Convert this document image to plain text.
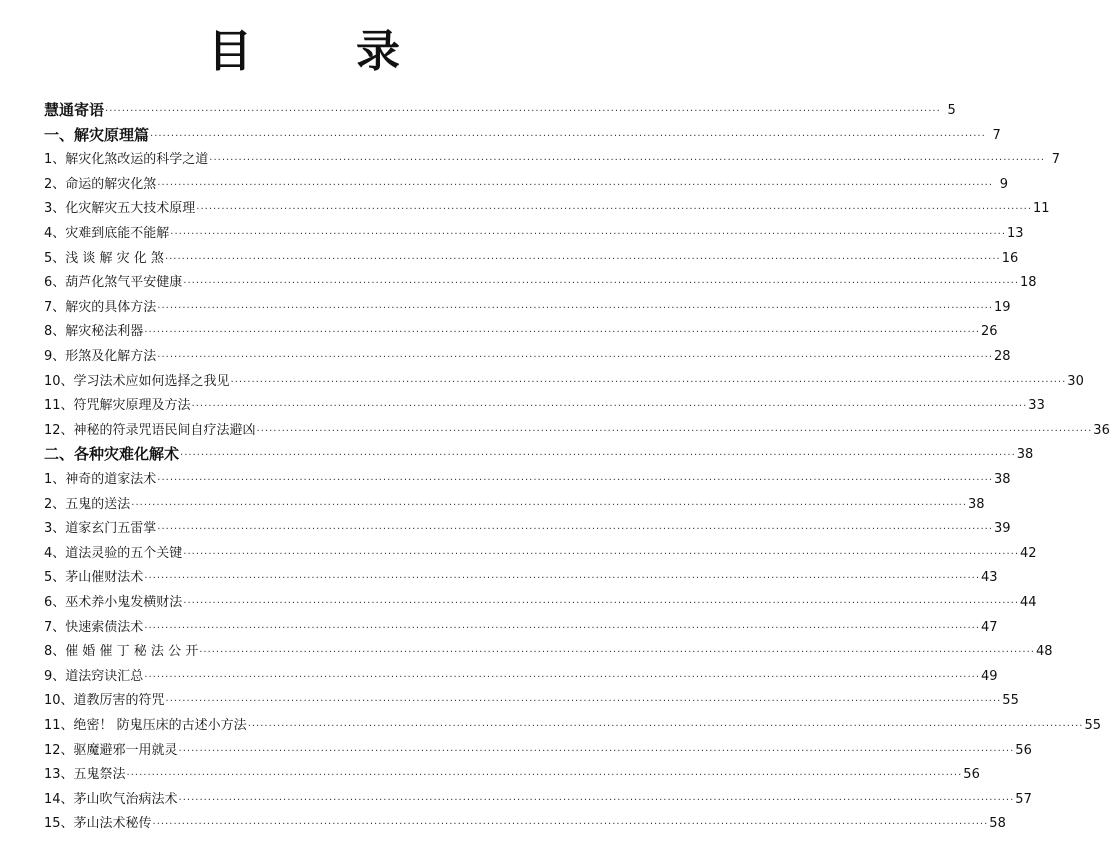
目 录
慧通寄语 ········································································································································································································ 5
一、解灾原理篇 ········································································································································································································ 7
1、解灾化煞改运的科学之道 ········································································································································································································ 7
2、命运的解灾化煞 ········································································································································································································ 9
3、化灾解灾五大技术原理 ········································································································································································································ 11
4、灾难到底能不能解 ········································································································································································································ 13
5、浅 谈 解 灾 化 煞 ········································································································································································································ 16
6、葫芦化煞气平安健康 ········································································································································································································ 18
7、解灾的具体方法 ········································································································································································································ 19
8、解灾秘法利器 ········································································································································································································ 26
9、形煞及化解方法 ········································································································································································································ 28
10、学习法术应如何选择之我见 ········································································································································································································ 30
11、符咒解灾原理及方法 ········································································································································································································ 33
12、神秘的符录咒语民间自疗法避凶 ········································································································································································································ 36
二、各种灾难化解术 ········································································································································································································ 38
1、神奇的道家法术 ········································································································································································································ 38
2、五鬼的送法 ········································································································································································································ 38
3、道家玄门五雷掌 ········································································································································································································ 39
4、道法灵验的五个关键 ········································································································································································································ 42
5、茅山催财法术 ········································································································································································································ 43
6、巫术养小鬼发横财法 ········································································································································································································ 44
7、快速索债法术 ········································································································································································································ 47
8、催 婚 催 丁 秘 法 公 开 ········································································································································································································ 48
9、道法窍诀汇总 ········································································································································································································ 49
10、道教厉害的符咒 ········································································································································································································ 55
11、绝密！ 防鬼压床的古述小方法 ········································································································································································································ 55
12、驱魔避邪一用就灵 ········································································································································································································ 56
13、五鬼祭法 ········································································································································································································ 56
14、茅山吹气治病法术 ········································································································································································································ 57
15、茅山法术秘传 ········································································································································································································ 58
